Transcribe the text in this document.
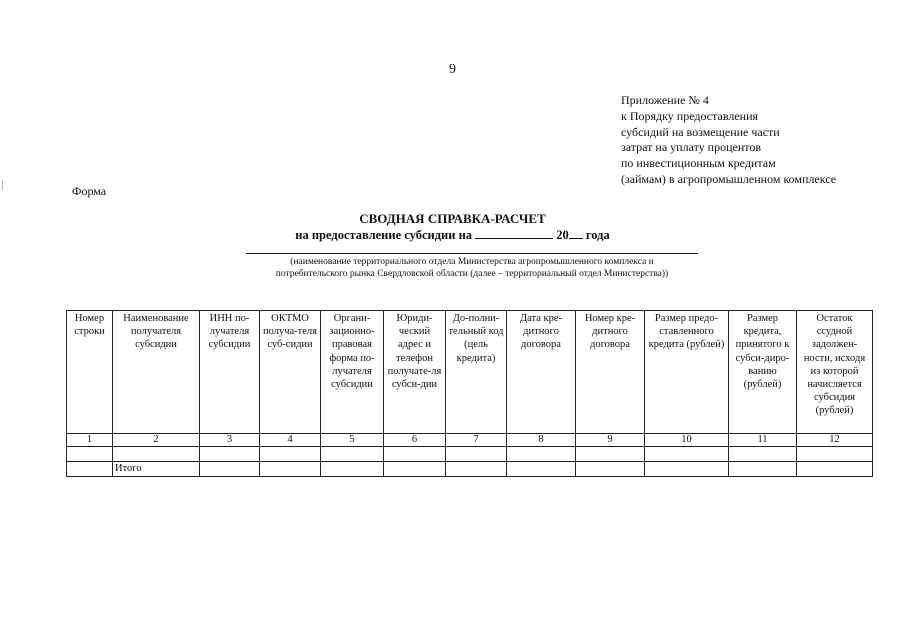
9
Приложение № 4
к Порядку предоставления
субсидий на возмещение части
затрат на уплату процентов
по инвестиционным кредитам
(займам) в агропромышленном комплексе
Форма
СВОДНАЯ СПРАВКА-РАСЧЕТ
на предоставление субсидии на	20 года
(наименование территориального отдела Министерства агропромышленного комплекса и
потребительского рынка Свердловской области (далее – территориальный отдел Министерства))
Номер строки	Наименование получателя субсидии	ИНН по-лучателя субсидии	ОКТМО получа-теля суб-сидии	Органи-зационно-правовая форма по-лучателя субсидии	Юриди-ческий адрес и телефон получате-ля субси-дии	До-полни-тельный код (цель кредита)	Дата кре-дитного договора	Номер кре-дитного договора	Размер предо-ставленного кредита (рублей)	Размер кредита, принятого к субси-диро-ванию (рублей)	Остаток ссудной задолжен-ности, исходя из которой начисляется субсидия (рублей)
1	2	3	4	5	6	7	8	9	10	11	12

	Итого										
